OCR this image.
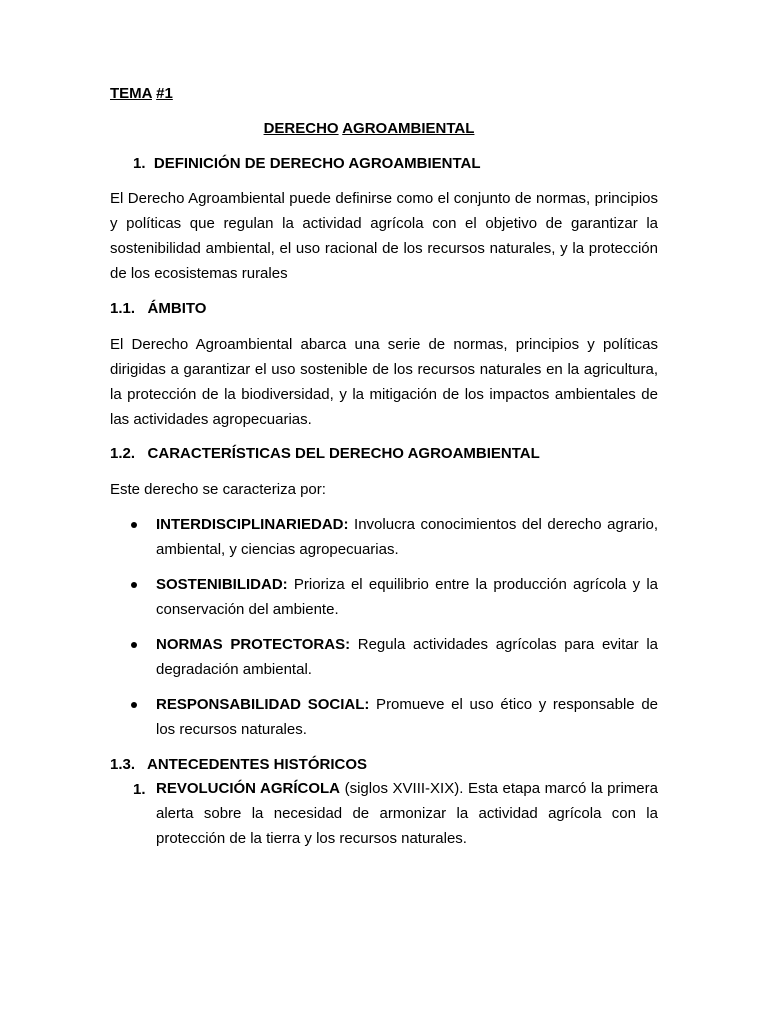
TEMA #1
DERECHO AGROAMBIENTAL
1. DEFINICIÓN DE DERECHO AGROAMBIENTAL
El Derecho Agroambiental puede definirse como el conjunto de normas, principios y políticas que regulan la actividad agrícola con el objetivo de garantizar la sostenibilidad ambiental, el uso racional de los recursos naturales, y la protección de los ecosistemas rurales
1.1. ÁMBITO
El Derecho Agroambiental abarca una serie de normas, principios y políticas dirigidas a garantizar el uso sostenible de los recursos naturales en la agricultura, la protección de la biodiversidad, y la mitigación de los impactos ambientales de las actividades agropecuarias.
1.2. CARACTERÍSTICAS DEL DERECHO AGROAMBIENTAL
Este derecho se caracteriza por:
INTERDISCIPLINARIEDAD: Involucra conocimientos del derecho agrario, ambiental, y ciencias agropecuarias.
SOSTENIBILIDAD: Prioriza el equilibrio entre la producción agrícola y la conservación del ambiente.
NORMAS PROTECTORAS: Regula actividades agrícolas para evitar la degradación ambiental.
RESPONSABILIDAD SOCIAL: Promueve el uso ético y responsable de los recursos naturales.
1.3. ANTECEDENTES HISTÓRICOS
1. REVOLUCIÓN AGRÍCOLA (siglos XVIII-XIX). Esta etapa marcó la primera alerta sobre la necesidad de armonizar la actividad agrícola con la protección de la tierra y los recursos naturales.
